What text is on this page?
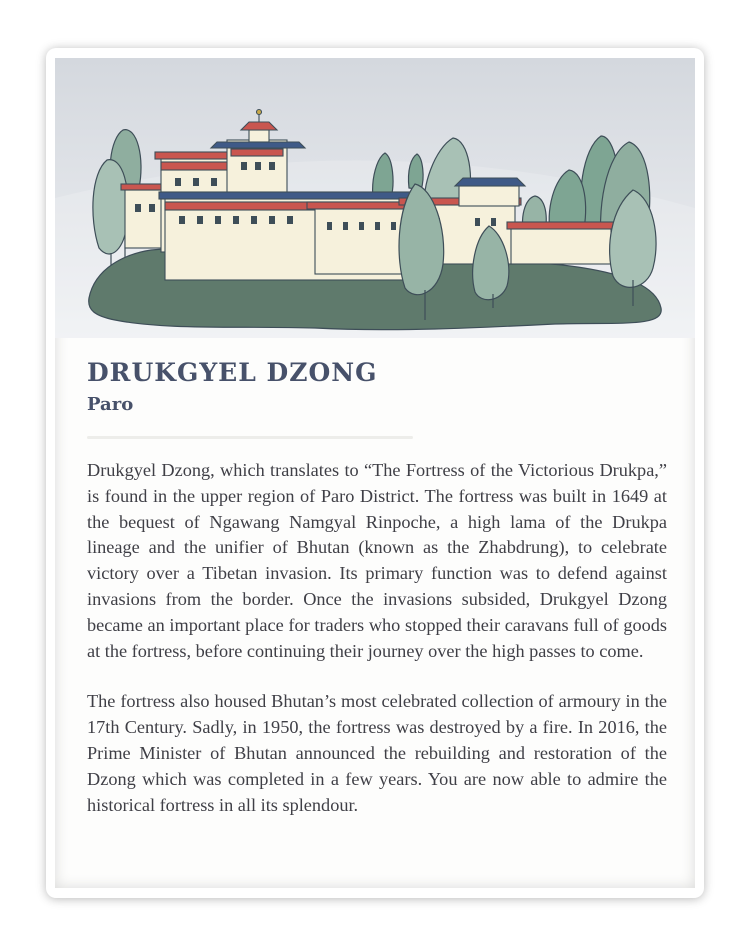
DRUKGYEL DZONG
Paro

Drukgyel Dzong, which translates to “The Fortress of the Victorious Drukpa,” is found in the upper region of Paro District. The fortress was built in 1649 at the bequest of Ngawang Namgyal Rinpoche, a high lama of the Drukpa lineage and the unifier of Bhutan (known as the Zhabdrung), to celebrate victory over a Tibetan invasion. Its primary function was to defend against invasions from the border. Once the invasions subsided, Drukgyel Dzong became an important place for traders who stopped their caravans full of goods at the fortress, before continuing their journey over the high passes to come.

The fortress also housed Bhutan’s most celebrated collection of armoury in the 17th Century. Sadly, in 1950, the fortress was destroyed by a fire. In 2016, the Prime Minister of Bhutan announced the rebuilding and restoration of the Dzong which was completed in a few years. You are now able to admire the historical fortress in all its splendour.
